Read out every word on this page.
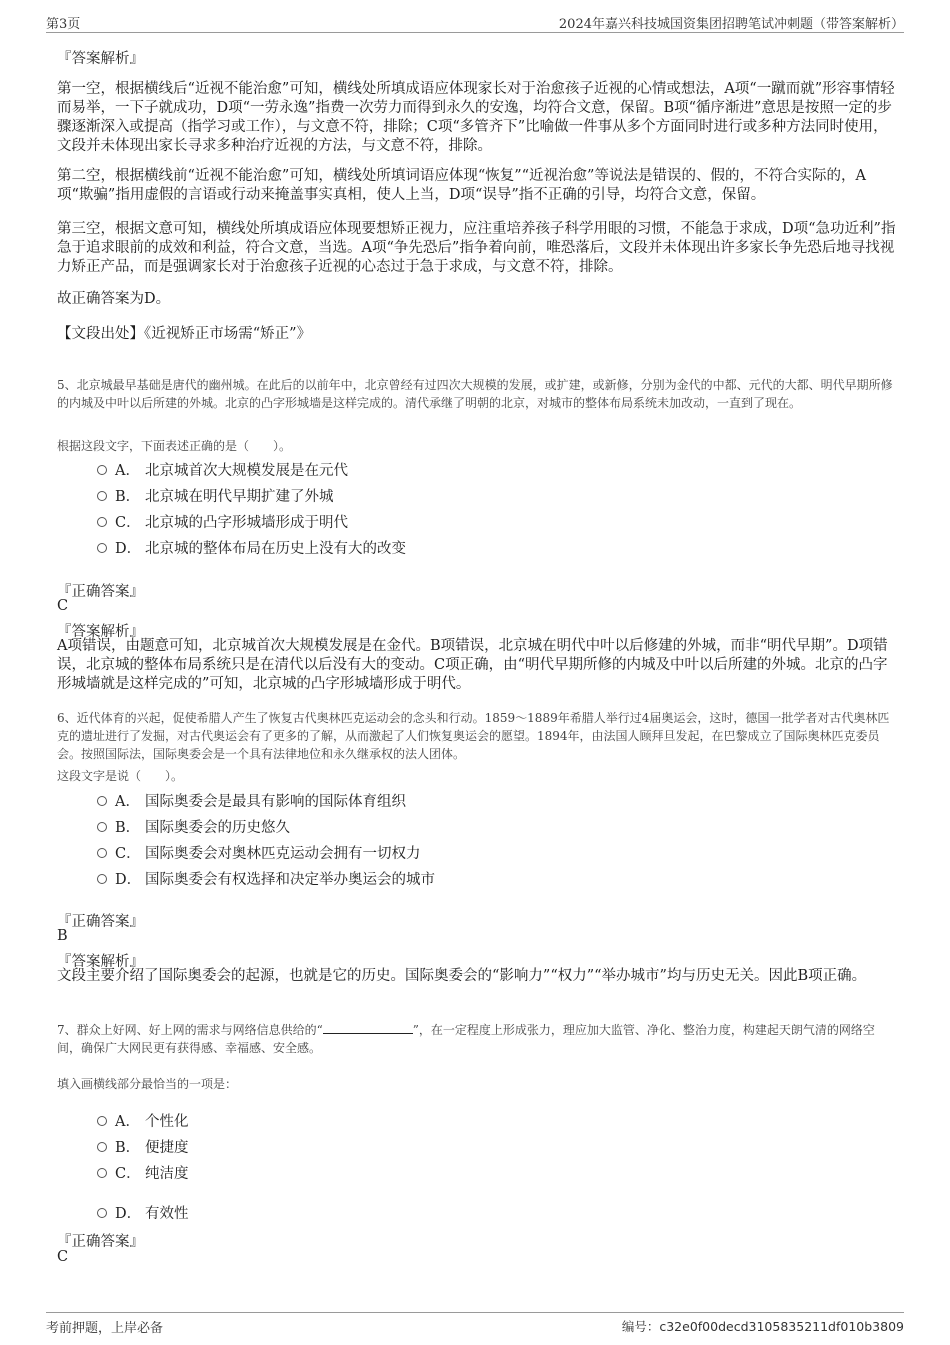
第3页	2024年嘉兴科技城国资集团招聘笔试冲刺题（带答案解析）
『答案解析』
第一空，根据横线后“近视不能治愈”可知，横线处所填成语应体现家长对于治愈孩子近视的心情或想法，A项“一蹴而就”形容事情轻而易举，一下子就成功，D项“一劳永逸”指费一次劳力而得到永久的安逸，均符合文意，保留。B项“循序渐进”意思是按照一定的步骤逐渐深入或提高（指学习或工作），与文意不符，排除；C项“多管齐下”比喻做一件事从多个方面同时进行或多种方法同时使用，文段并未体现出家长寻求多种治疗近视的方法，与文意不符，排除。
第二空，根据横线前“近视不能治愈”可知，横线处所填词语应体现“恢复”“近视治愈”等说法是错误的、假的，不符合实际的，A项“欺骗”指用虚假的言语或行动来掩盖事实真相，使人上当，D项“误导”指不正确的引导，均符合文意，保留。
第三空，根据文意可知，横线处所填成语应体现要想矫正视力，应注重培养孩子科学用眼的习惯，不能急于求成，D项“急功近利”指急于追求眼前的成效和利益，符合文意，当选。A项“争先恐后”指争着向前，唯恐落后，文段并未体现出许多家长争先恐后地寻找视力矫正产品，而是强调家长对于治愈孩子近视的心态过于急于求成，与文意不符，排除。
故正确答案为D。
【文段出处】《近视矫正市场需“矫正”》
5、北京城最早基础是唐代的幽州城。在此后的以前年中，北京曾经有过四次大规模的发展，或扩建，或新修，分别为金代的中都、元代的大都、明代早期所修的内城及中叶以后所建的外城。北京的凸字形城墙是这样完成的。清代承继了明朝的北京，对城市的整体布局系统未加改动，一直到了现在。
根据这段文字，下面表述正确的是（　　）。
A． 北京城首次大规模发展是在元代
B． 北京城在明代早期扩建了外城
C． 北京城的凸字形城墙形成于明代
D． 北京城的整体布局在历史上没有大的改变
『正确答案』
C
『答案解析』
A项错误，由题意可知，北京城首次大规模发展是在金代。B项错误，北京城在明代中叶以后修建的外城，而非“明代早期”。D项错误，北京城的整体布局系统只是在清代以后没有大的变动。C项正确，由“明代早期所修的内城及中叶以后所建的外城。北京的凸字形城墙就是这样完成的”可知，北京城的凸字形城墙形成于明代。
6、近代体育的兴起，促使希腊人产生了恢复古代奥林匹克运动会的念头和行动。1859～1889年希腊人举行过4届奥运会，这时，德国一批学者对古代奥林匹克的遗址进行了发掘，对古代奥运会有了更多的了解，从而激起了人们恢复奥运会的愿望。1894年，由法国人顾拜旦发起，在巴黎成立了国际奥林匹克委员会。按照国际法，国际奥委会是一个具有法律地位和永久继承权的法人团体。
这段文字是说（　　）。
A． 国际奥委会是最具有影响的国际体育组织
B． 国际奥委会的历史悠久
C． 国际奥委会对奥林匹克运动会拥有一切权力
D． 国际奥委会有权选择和决定举办奥运会的城市
『正确答案』
B
『答案解析』
文段主要介绍了国际奥委会的起源，也就是它的历史。国际奥委会的“影响力”“权力”“举办城市”均与历史无关。因此B项正确。
7、群众上好网、好上网的需求与网络信息供给的“	”，在一定程度上形成张力，理应加大监管、净化、整治力度，构建起天朗气清的网络空间，确保广大网民更有获得感、幸福感、安全感。
填入画横线部分最恰当的一项是：
A． 个性化
B． 便捷度
C． 纯洁度
D． 有效性
『正确答案』
C
考前押题，上岸必备	编号：c32e0f00decd3105835211df010b3809
